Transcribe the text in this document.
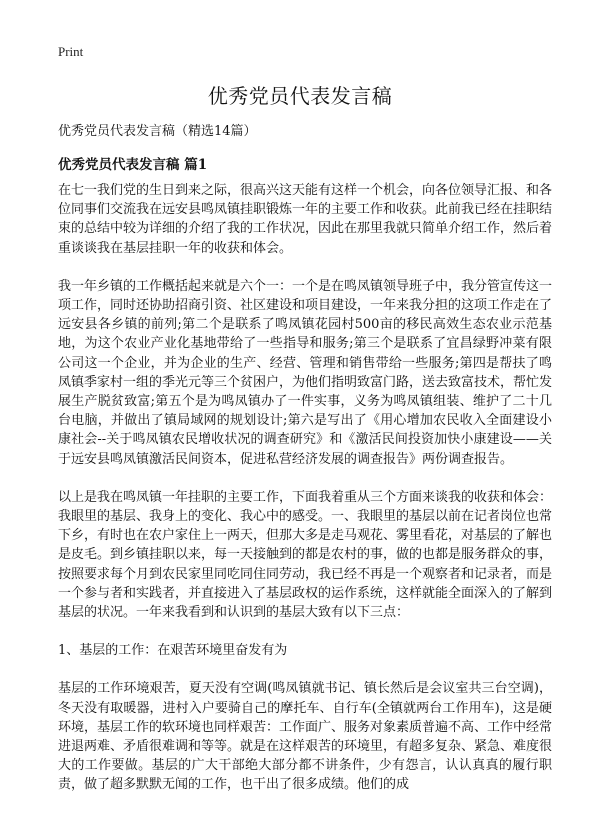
Print
优秀党员代表发言稿

优秀党员代表发言稿（精选14篇）

优秀党员代表发言稿 篇1

在七一我们党的生日到来之际，很高兴这天能有这样一个机会，向各位领导汇报、和各位同事们交流我在远安县鸣凤镇挂职锻炼一年的主要工作和收获。此前我已经在挂职结束的总结中较为详细的介绍了我的工作状况，因此在那里我就只简单介绍工作，然后着重谈谈我在基层挂职一年的收获和体会。

我一年乡镇的工作概括起来就是六个一：一个是在鸣凤镇领导班子中，我分管宣传这一项工作，同时还协助招商引资、社区建设和项目建设，一年来我分担的这项工作走在了远安县各乡镇的前列;第二个是联系了鸣凤镇花园村500亩的移民高效生态农业示范基地，为这个农业产业化基地带给了一些指导和服务;第三个是联系了宜昌绿野冲菜有限公司这一个企业，并为企业的生产、经营、管理和销售带给一些服务;第四是帮扶了鸣凤镇季家村一组的季光元等三个贫困户，为他们指明致富门路，送去致富技术，帮忙发展生产脱贫致富;第五个是为鸣凤镇办了一件实事，义务为鸣凤镇组装、维护了二十几台电脑，并做出了镇局域网的规划设计;第六是写出了《用心增加农民收入全面建设小康社会--关于鸣凤镇农民增收状况的调查研究》和《激活民间投资加快小康建设——关于远安县鸣凤镇激活民间资本，促进私营经济发展的调查报告》两份调查报告。

以上是我在鸣凤镇一年挂职的主要工作，下面我着重从三个方面来谈我的收获和体会：我眼里的基层、我身上的变化、我心中的感受。一、我眼里的基层以前在记者岗位也常下乡，有时也在农户家住上一两天，但那大多是走马观花、雾里看花，对基层的了解也是皮毛。到乡镇挂职以来，每一天接触到的都是农村的事，做的也都是服务群众的事，按照要求每个月到农民家里同吃同住同劳动，我已经不再是一个观察者和记录者，而是一个参与者和实践者，并直接进入了基层政权的运作系统，这样就能全面深入的了解到基层的状况。一年来我看到和认识到的基层大致有以下三点：

1、基层的工作：在艰苦环境里奋发有为

基层的工作环境艰苦，夏天没有空调(鸣凤镇就书记、镇长然后是会议室共三台空调)，冬天没有取暖器，进村入户要骑自己的摩托车、自行车(全镇就两台工作用车)，这是硬环境，基层工作的软环境也同样艰苦：工作面广、服务对象素质普遍不高、工作中经常进退两难、矛盾很难调和等等。就是在这样艰苦的环境里，有超多复杂、紧急、难度很大的工作要做。基层的广大干部绝大部分都不讲条件，少有怨言，认认真真的履行职责，做了超多默默无闻的工作，也干出了很多成绩。他们的成
